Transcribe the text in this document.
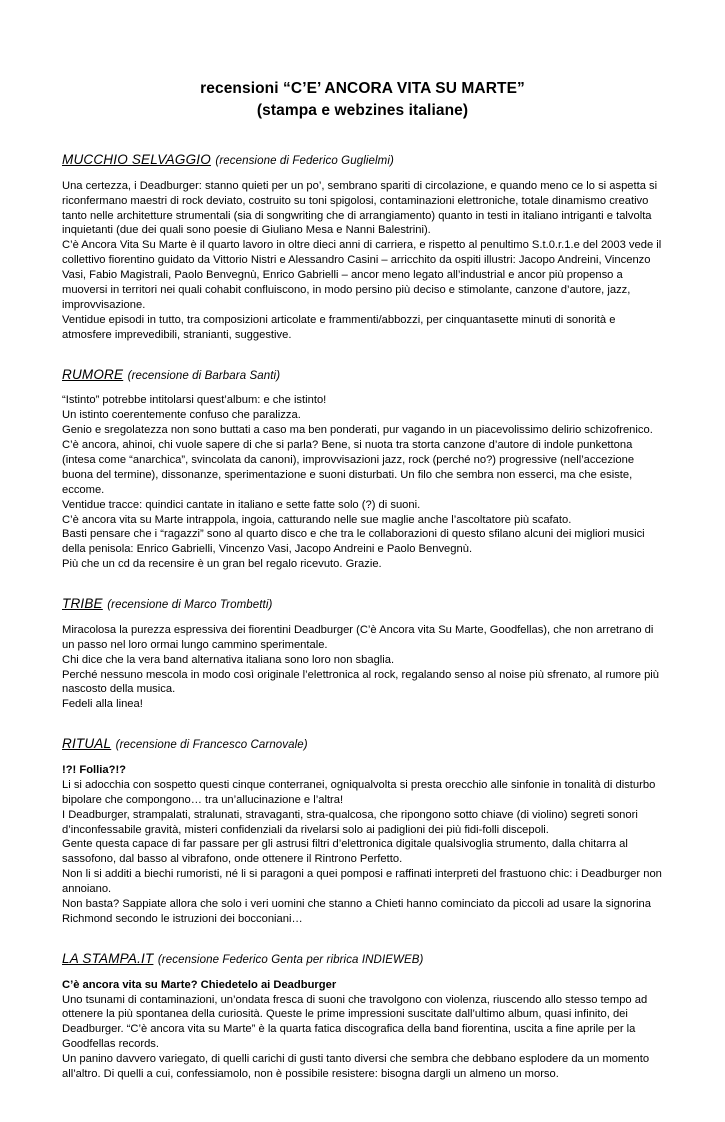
recensioni “C’E’ ANCORA VITA SU MARTE”
(stampa e webzines italiane)
MUCCHIO SELVAGGIO (recensione di Federico Guglielmi)

Una certezza, i Deadburger: stanno quieti per un po’, sembrano spariti di circolazione, e quando meno ce lo si aspetta si riconfermano maestri di rock deviato, costruito su toni spigolosi, contaminazioni elettroniche, totale dinamismo creativo tanto nelle architetture strumentali (sia di songwriting che di arrangiamento) quanto in testi in italiano intriganti e talvolta inquietanti (due dei quali sono poesie di Giuliano Mesa e Nanni Balestrini).

C’è Ancora Vita Su Marte è il quarto lavoro in oltre dieci anni di carriera, e rispetto al penultimo S.t.0.r.1.e del 2003 vede il collettivo fiorentino guidato da Vittorio Nistri e Alessandro Casini – arricchito da ospiti illustri: Jacopo Andreini, Vincenzo Vasi, Fabio Magistrali, Paolo Benvegnù, Enrico Gabrielli – ancor meno legato all’industrial e ancor più propenso a muoversi in territori nei quali cohabit confluiscono, in modo persino più deciso e stimolante, canzone d’autore, jazz, improvvisazione.

Ventidue episodi in tutto, tra composizioni articolate e frammenti/abbozzi, per cinquantasette minuti di sonorità e atmosfere imprevedibili, stranianti, suggestive.

RUMORE (recensione di Barbara Santi)

“Istinto” potrebbe intitolarsi quest’album: e che istinto!

Un istinto coerentemente confuso che paralizza.

Genio e sregolatezza non sono buttati a caso ma ben ponderati, pur vagando in un piacevolissimo delirio schizofrenico.

C’è ancora, ahinoi, chi vuole sapere di che si parla? Bene, si nuota tra storta canzone d’autore di indole punkettona (intesa come “anarchica”, svincolata da canoni), improvvisazioni jazz, rock (perché no?) progressive (nell’accezione buona del termine), dissonanze, sperimentazione e suoni disturbati. Un filo che sembra non esserci, ma che esiste, eccome.

Ventidue tracce: quindici cantate in italiano e sette fatte solo (?) di suoni.

C’è ancora vita su Marte intrappola, ingoia, catturando nelle sue maglie anche l’ascoltatore più scafato.

Basti pensare che i “ragazzi” sono al quarto disco e che tra le collaborazioni di questo sfilano alcuni dei migliori musici della penisola: Enrico Gabrielli, Vincenzo Vasi, Jacopo Andreini e Paolo Benvegnù.

Più che un cd da recensire è un gran bel regalo ricevuto. Grazie.

TRIBE (recensione di Marco Trombetti)

Miracolosa la purezza espressiva dei fiorentini Deadburger (C’è Ancora vita Su Marte, Goodfellas), che non arretrano di un passo nel loro ormai lungo cammino sperimentale.

Chi dice che la vera band alternativa italiana sono loro non sbaglia.

Perché nessuno mescola in modo così originale l’elettronica al rock, regalando senso al noise più sfrenato, al rumore più nascosto della musica.

Fedeli alla linea!

RITUAL (recensione di Francesco Carnovale)

!?! Follia?!?

Li si adocchia con sospetto questi cinque conterranei, ogniqualvolta si presta orecchio alle sinfonie in tonalità di disturbo bipolare che compongono… tra un’allucinazione e l’altra!

I Deadburger, strampalati, stralunati, stravaganti, stra-qualcosa, che ripongono sotto chiave (di violino) segreti sonori d’inconfessabile gravità, misteri confidenziali da rivelarsi solo ai padiglioni dei più fidi-folli discepoli.

Gente questa capace di far passare per gli astrusi filtri d’elettronica digitale qualsivoglia strumento, dalla chitarra al sassofono, dal basso al vibrafono, onde ottenere il Rintrono Perfetto.

Non li si additi a biechi rumoristi, né li si paragoni a quei pomposi e raffinati interpreti del frastuono chic: i Deadburger non annoiano.

Non basta? Sappiate allora che solo i veri uomini che stanno a Chieti hanno cominciato da piccoli ad usare la signorina Richmond secondo le istruzioni dei bocconiani…

LA STAMPA.IT (recensione Federico Genta per ribrica INDIEWEB)

C’è ancora vita su Marte? Chiedetelo ai Deadburger

Uno tsunami di contaminazioni, un’ondata fresca di suoni che travolgono con violenza, riuscendo allo stesso tempo ad ottenere la più spontanea della curiosità. Queste le prime impressioni suscitate dall’ultimo album, quasi infinito, dei Deadburger. “C’è ancora vita su Marte” è la quarta fatica discografica della band fiorentina, uscita a fine aprile per la Goodfellas records.

Un panino davvero variegato, di quelli carichi di gusti tanto diversi che sembra che debbano esplodere da un momento all’altro. Di quelli a cui, confessiamolo, non è possibile resistere: bisogna dargli un almeno un morso.
